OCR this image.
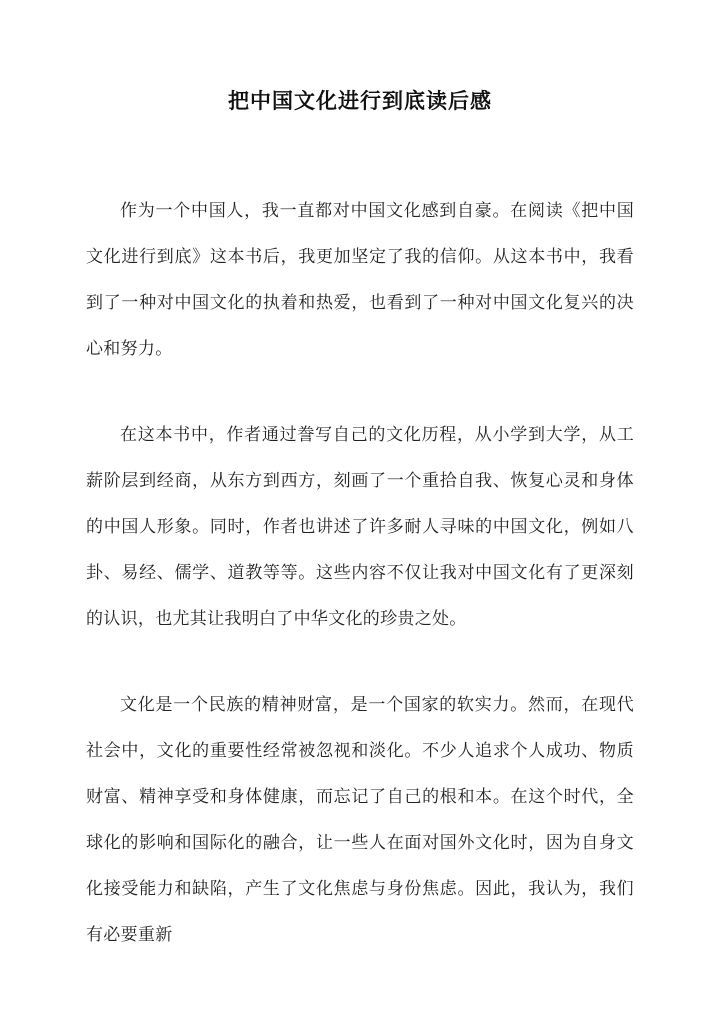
把中国文化进行到底读后感

作为一个中国人，我一直都对中国文化感到自豪。在阅读《把中国文化进行到底》这本书后，我更加坚定了我的信仰。从这本书中，我看到了一种对中国文化的执着和热爱，也看到了一种对中国文化复兴的决心和努力。

在这本书中，作者通过誊写自己的文化历程，从小学到大学，从工薪阶层到经商，从东方到西方，刻画了一个重拾自我、恢复心灵和身体的中国人形象。同时，作者也讲述了许多耐人寻味的中国文化，例如八卦、易经、儒学、道教等等。这些内容不仅让我对中国文化有了更深刻的认识，也尤其让我明白了中华文化的珍贵之处。

文化是一个民族的精神财富，是一个国家的软实力。然而，在现代社会中，文化的重要性经常被忽视和淡化。不少人追求个人成功、物质财富、精神享受和身体健康，而忘记了自己的根和本。在这个时代，全球化的影响和国际化的融合，让一些人在面对国外文化时，因为自身文化接受能力和缺陷，产生了文化焦虑与身份焦虑。因此，我认为，我们有必要重新
